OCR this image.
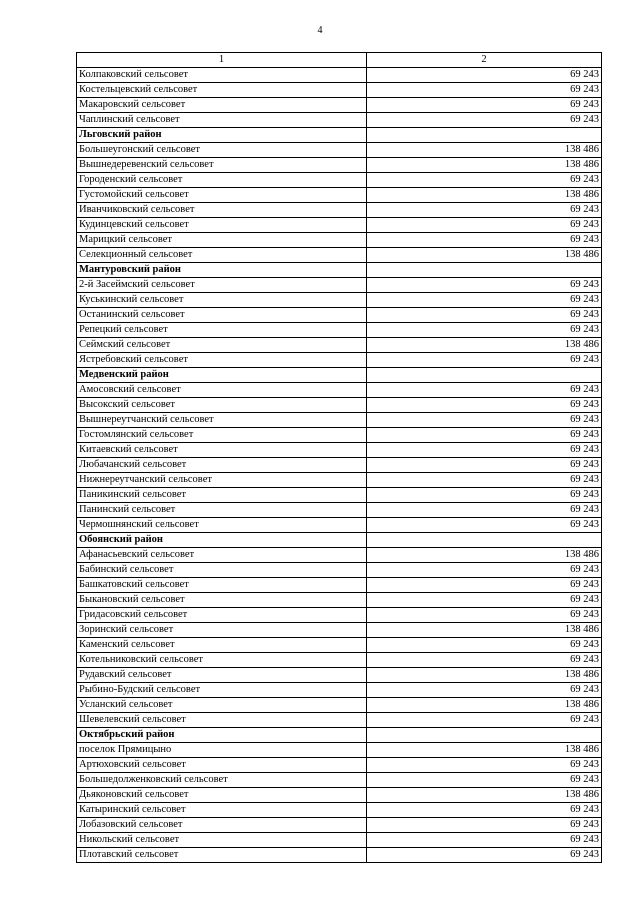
4
1	2
Колпаковский сельсовет	69 243
Костельцевский сельсовет	69 243
Макаровский сельсовет	69 243
Чаплинский сельсовет	69 243
Льговский район	
Большеугонский сельсовет	138 486
Вышнедеревенский сельсовет	138 486
Городенский сельсовет	69 243
Густомойский сельсовет	138 486
Иванчиковский сельсовет	69 243
Кудинцевский сельсовет	69 243
Марицкий сельсовет	69 243
Селекционный сельсовет	138 486
Мантуровский район	
2-й Засеймский сельсовет	69 243
Куськинский сельсовет	69 243
Останинский сельсовет	69 243
Репецкий сельсовет	69 243
Сеймский сельсовет	138 486
Ястребовский сельсовет	69 243
Медвенский район	
Амосовский сельсовет	69 243
Высокский сельсовет	69 243
Вышнереутчанский сельсовет	69 243
Гостомлянский сельсовет	69 243
Китаевский сельсовет	69 243
Любачанский сельсовет	69 243
Нижнереутчанский сельсовет	69 243
Паникинский сельсовет	69 243
Панинский сельсовет	69 243
Чермошнянский сельсовет	69 243
Обоянский район	
Афанасьевский сельсовет	138 486
Бабинский сельсовет	69 243
Башкатовский сельсовет	69 243
Быкановский сельсовет	69 243
Гридасовский сельсовет	69 243
Зоринский сельсовет	138 486
Каменский сельсовет	69 243
Котельниковский сельсовет	69 243
Рудавский сельсовет	138 486
Рыбино-Будский сельсовет	69 243
Усланский сельсовет	138 486
Шевелевский сельсовет	69 243
Октябрьский район	
поселок Прямицыно	138 486
Артюховский сельсовет	69 243
Большедолженковский сельсовет	69 243
Дьяконовский сельсовет	138 486
Катыринский сельсовет	69 243
Лобазовский сельсовет	69 243
Никольский сельсовет	69 243
Плотавский сельсовет	69 243
